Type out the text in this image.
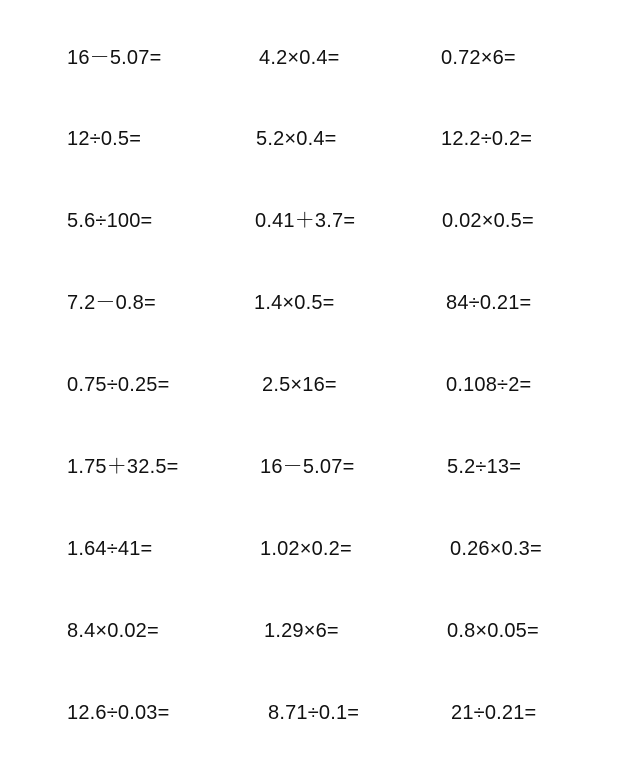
16－5.07=	4.2×0.4=	0.72×6=
12÷0.5=	5.2×0.4=	12.2÷0.2=
5.6÷100=	0.41＋3.7=	0.02×0.5=
7.2－0.8=	1.4×0.5=	84÷0.21=
0.75÷0.25=	2.5×16=	0.108÷2=
1.75＋32.5=	16－5.07=	5.2÷13=
1.64÷41=	1.02×0.2=	0.26×0.3=
8.4×0.02=	1.29×6=	0.8×0.05=
12.6÷0.03=	8.71÷0.1=	21÷0.21=
